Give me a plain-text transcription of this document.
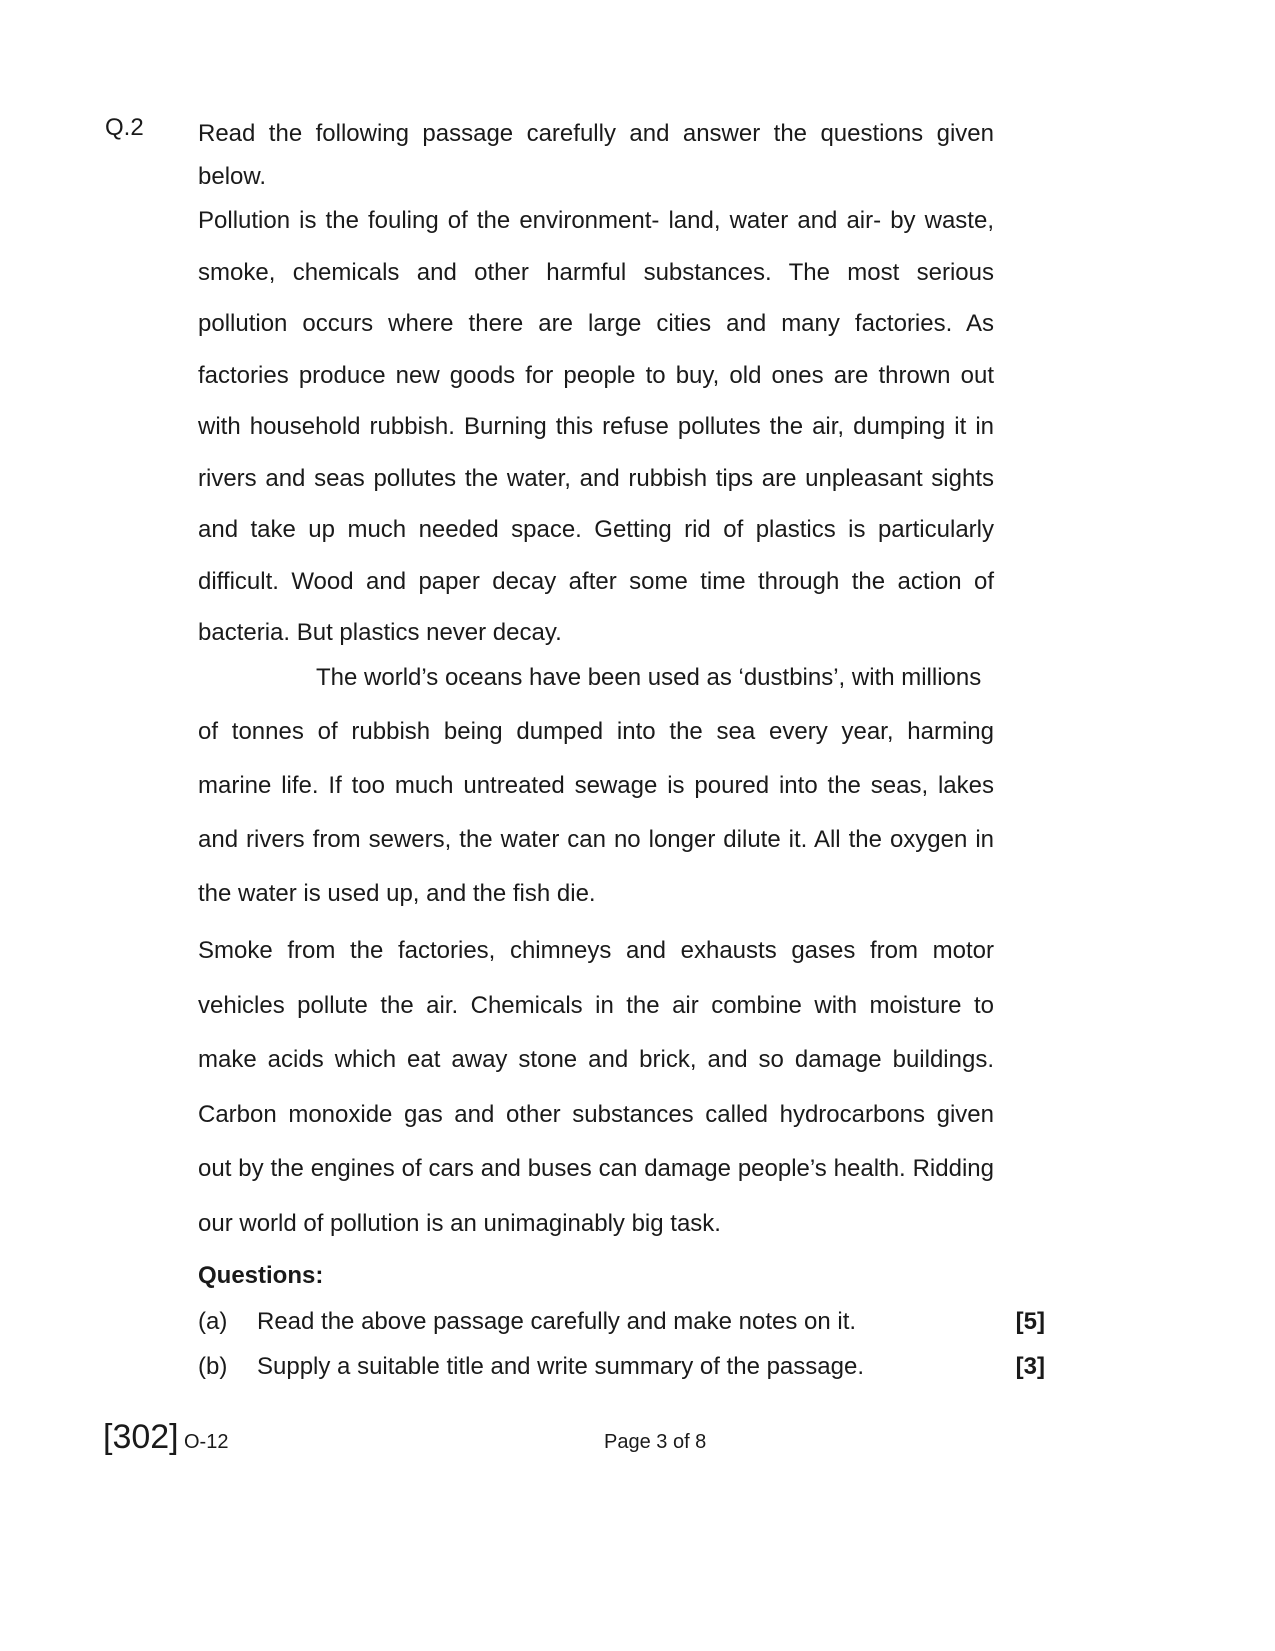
Q.2 Read the following passage carefully and answer the questions given below.
Pollution is the fouling of the environment- land, water and air- by waste, smoke, chemicals and other harmful substances. The most serious pollution occurs where there are large cities and many factories. As factories produce new goods for people to buy, old ones are thrown out with household rubbish. Burning this refuse pollutes the air, dumping it in rivers and seas pollutes the water, and rubbish tips are unpleasant sights and take up much needed space. Getting rid of plastics is particularly difficult. Wood and paper decay after some time through the action of bacteria. But plastics never decay.
The world’s oceans have been used as ‘dustbins’, with millions
of tonnes of rubbish being dumped into the sea every year, harming marine life. If too much untreated sewage is poured into the seas, lakes and rivers from sewers, the water can no longer dilute it. All the oxygen in the water is used up, and the fish die.
Smoke from the factories, chimneys and exhausts gases from motor vehicles pollute the air. Chemicals in the air combine with moisture to make acids which eat away stone and brick, and so damage buildings. Carbon monoxide gas and other substances called hydrocarbons given out by the engines of cars and buses can damage people’s health. Ridding our world of pollution is an unimaginably big task.
Questions:
(a) Read the above passage carefully and make notes on it.	[5]
(b) Supply a suitable title and write summary of the passage.	[3]
[302] O-12	Page 3 of 8
